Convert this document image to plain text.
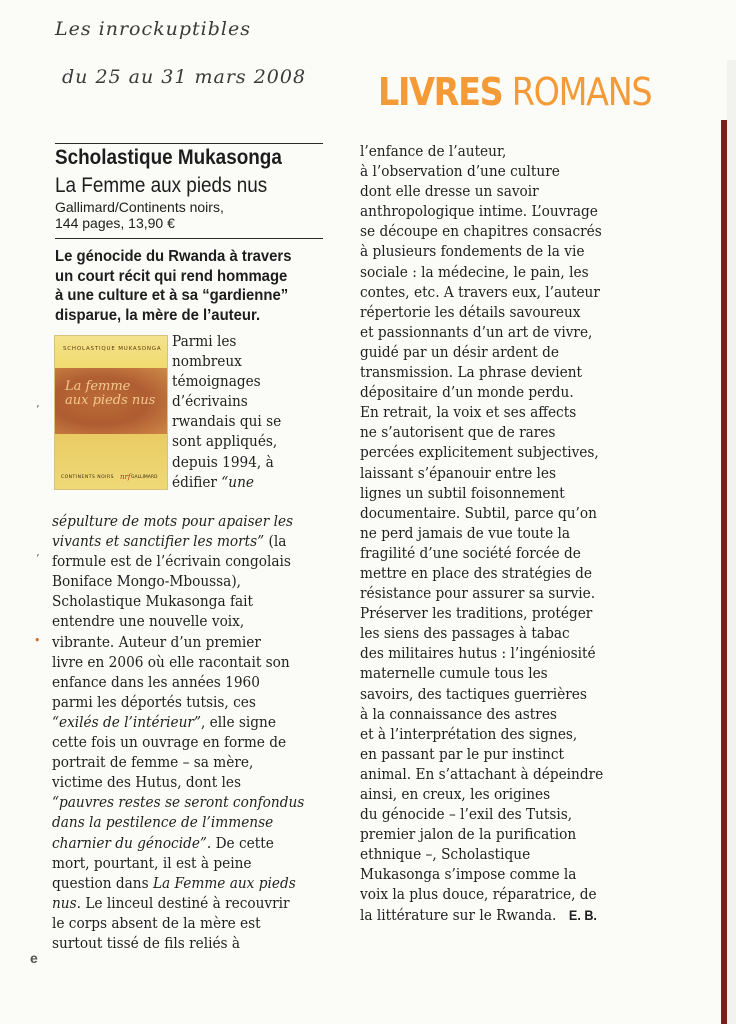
Les inrockuptibles
du 25 au 31 mars 2008 LIVRES ROMANS
Scholastique Mukasonga
La Femme aux pieds nus
Gallimard/Continents noirs,
144 pages, 13,90 €
Le génocide du Rwanda à travers
un court récit qui rend hommage
à une culture et à sa “gardienne”
disparue, la mère de l’auteur.
SCHOLASTIQUE MUKASONGA
La femme
aux pieds nus
CONTINENTS NOIRS nrf GALLIMARD
Parmi les
nombreux
témoignages
d’écrivains
rwandais qui se
sont appliqués,
depuis 1994, à
édifier “une
sépulture de mots pour apaiser les
vivants et sanctifier les morts” (la
formule est de l’écrivain congolais
Boniface Mongo-Mboussa),
Scholastique Mukasonga fait
entendre une nouvelle voix,
vibrante. Auteur d’un premier
livre en 2006 où elle racontait son
enfance dans les années 1960
parmi les déportés tutsis, ces
“exilés de l’intérieur”, elle signe
cette fois un ouvrage en forme de
portrait de femme – sa mère,
victime des Hutus, dont les
“pauvres restes se seront confondus
dans la pestilence de l’immense
charnier du génocide”. De cette
mort, pourtant, il est à peine
question dans La Femme aux pieds
nus. Le linceul destiné à recouvrir
le corps absent de la mère est
surtout tissé de fils reliés à
l’enfance de l’auteur,
à l’observation d’une culture
dont elle dresse un savoir
anthropologique intime. L’ouvrage
se découpe en chapitres consacrés
à plusieurs fondements de la vie
sociale : la médecine, le pain, les
contes, etc. A travers eux, l’auteur
répertorie les détails savoureux
et passionnants d’un art de vivre,
guidé par un désir ardent de
transmission. La phrase devient
dépositaire d’un monde perdu.
En retrait, la voix et ses affects
ne s’autorisent que de rares
percées explicitement subjectives,
laissant s’épanouir entre les
lignes un subtil foisonnement
documentaire. Subtil, parce qu’on
ne perd jamais de vue toute la
fragilité d’une société forcée de
mettre en place des stratégies de
résistance pour assurer sa survie.
Préserver les traditions, protéger
les siens des passages à tabac
des militaires hutus : l’ingéniosité
maternelle cumule tous les
savoirs, des tactiques guerrières
à la connaissance des astres
et à l’interprétation des signes,
en passant par le pur instinct
animal. En s’attachant à dépeindre
ainsi, en creux, les origines
du génocide – l’exil des Tutsis,
premier jalon de la purification
ethnique –, Scholastique
Mukasonga s’impose comme la
voix la plus douce, réparatrice, de
la littérature sur le Rwanda. E. B.
’
’
•
e
